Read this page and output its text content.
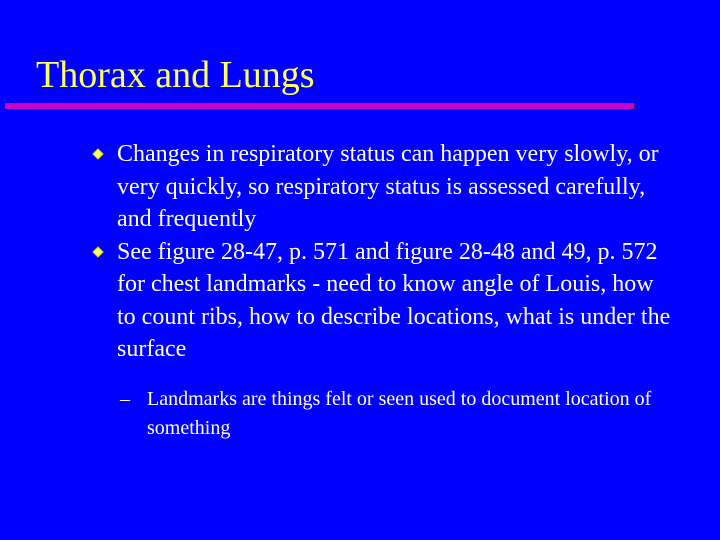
Thorax and Lungs
Changes in respiratory status can happen very slowly, or very quickly, so respiratory status is assessed carefully, and frequently
See figure 28-47, p. 571 and figure 28-48 and 49, p. 572 for chest landmarks - need to know angle of Louis, how to count ribs, how to describe locations, what is under the surface
– Landmarks are things felt or seen used to document location of something
